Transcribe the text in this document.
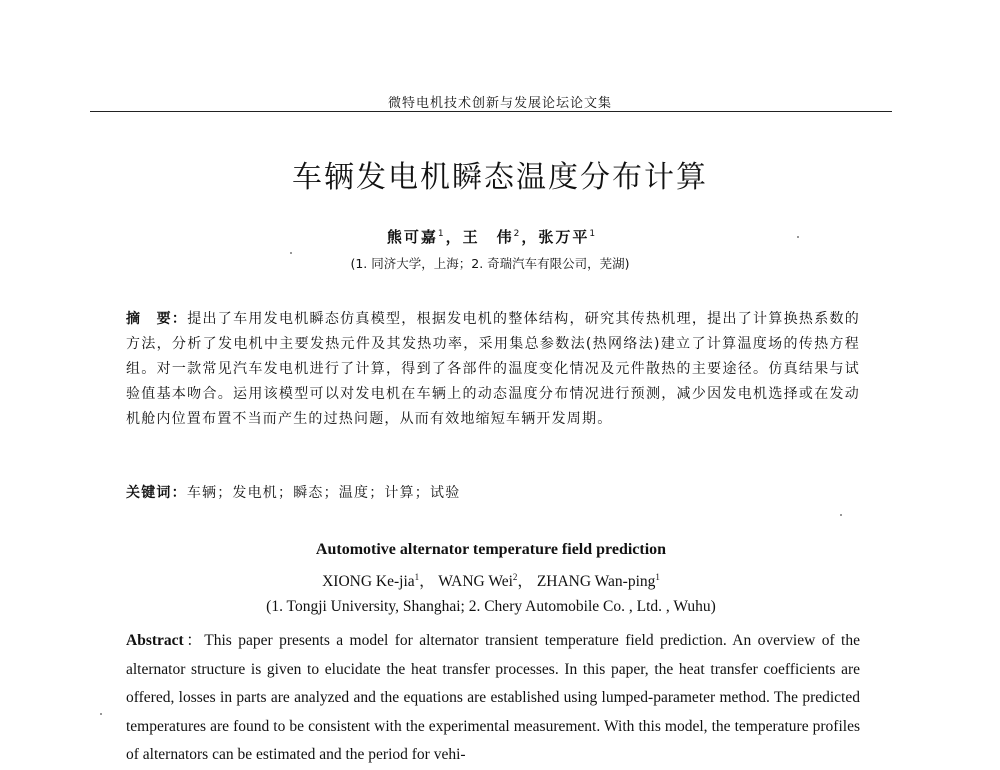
微特电机技术创新与发展论坛论文集
车辆发电机瞬态温度分布计算
熊可嘉$^1$，王　伟$^2$，张万平$^1$
(1. 同济大学，上海；2. 奇瑞汽车有限公司，芜湖)
摘　要：提出了车用发电机瞬态仿真模型，根据发电机的整体结构，研究其传热机理，提出了计算换热系数的方法，分析了发电机中主要发热元件及其发热功率，采用集总参数法(热网络法)建立了计算温度场的传热方程组。对一款常见汽车发电机进行了计算，得到了各部件的温度变化情况及元件散热的主要途径。仿真结果与试验值基本吻合。运用该模型可以对发电机在车辆上的动态温度分布情况进行预测，减少因发电机选择或在发动机舱内位置布置不当而产生的过热问题，从而有效地缩短车辆开发周期。
关键词：车辆；发电机；瞬态；温度；计算；试验
Automotive alternator temperature field prediction
XIONG Ke-jia$^1$， WANG Wei$^2$， ZHANG Wan-ping$^1$
(1. Tongji University, Shanghai; 2. Chery Automobile Co. , Ltd. , Wuhu)
Abstract：This paper presents a model for alternator transient temperature field prediction. An overview of the alternator structure is given to elucidate the heat transfer processes. In this paper, the heat transfer coefficients are offered, losses in parts are analyzed and the equations are established using lumped-parameter method. The predicted temperatures are found to be consistent with the experimental measurement. With this model, the temperature profiles of alternators can be estimated and the period for vehi-
